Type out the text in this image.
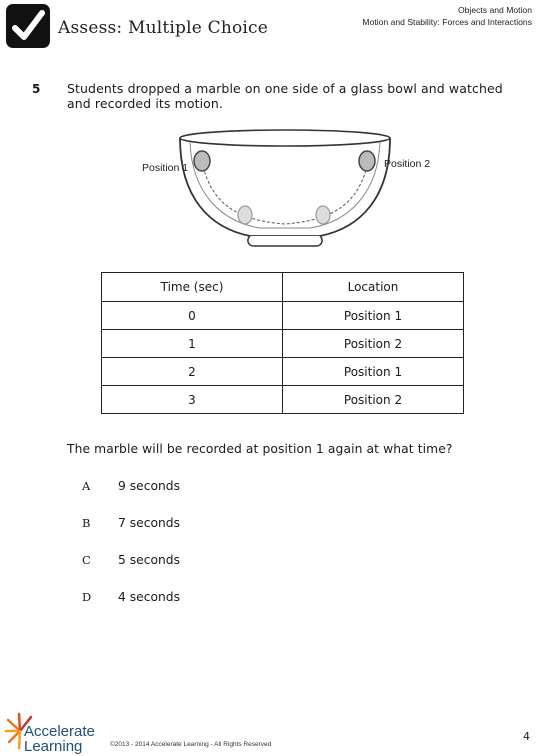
Assess: Multiple Choice
Objects and Motion
Motion and Stability: Forces and Interactions
5 Students dropped a marble on one side of a glass bowl and watched and recorded its motion.
Position 1	Position 2
Time (sec)	Location
0	Position 1
1	Position 2
2	Position 1
3	Position 2
The marble will be recorded at position 1 again at what time?
A 9 seconds
B 7 seconds
C 5 seconds
D 4 seconds
Accelerate
Learning	©2013 - 2014 Accelerate Learning - All Rights Reserved
4
